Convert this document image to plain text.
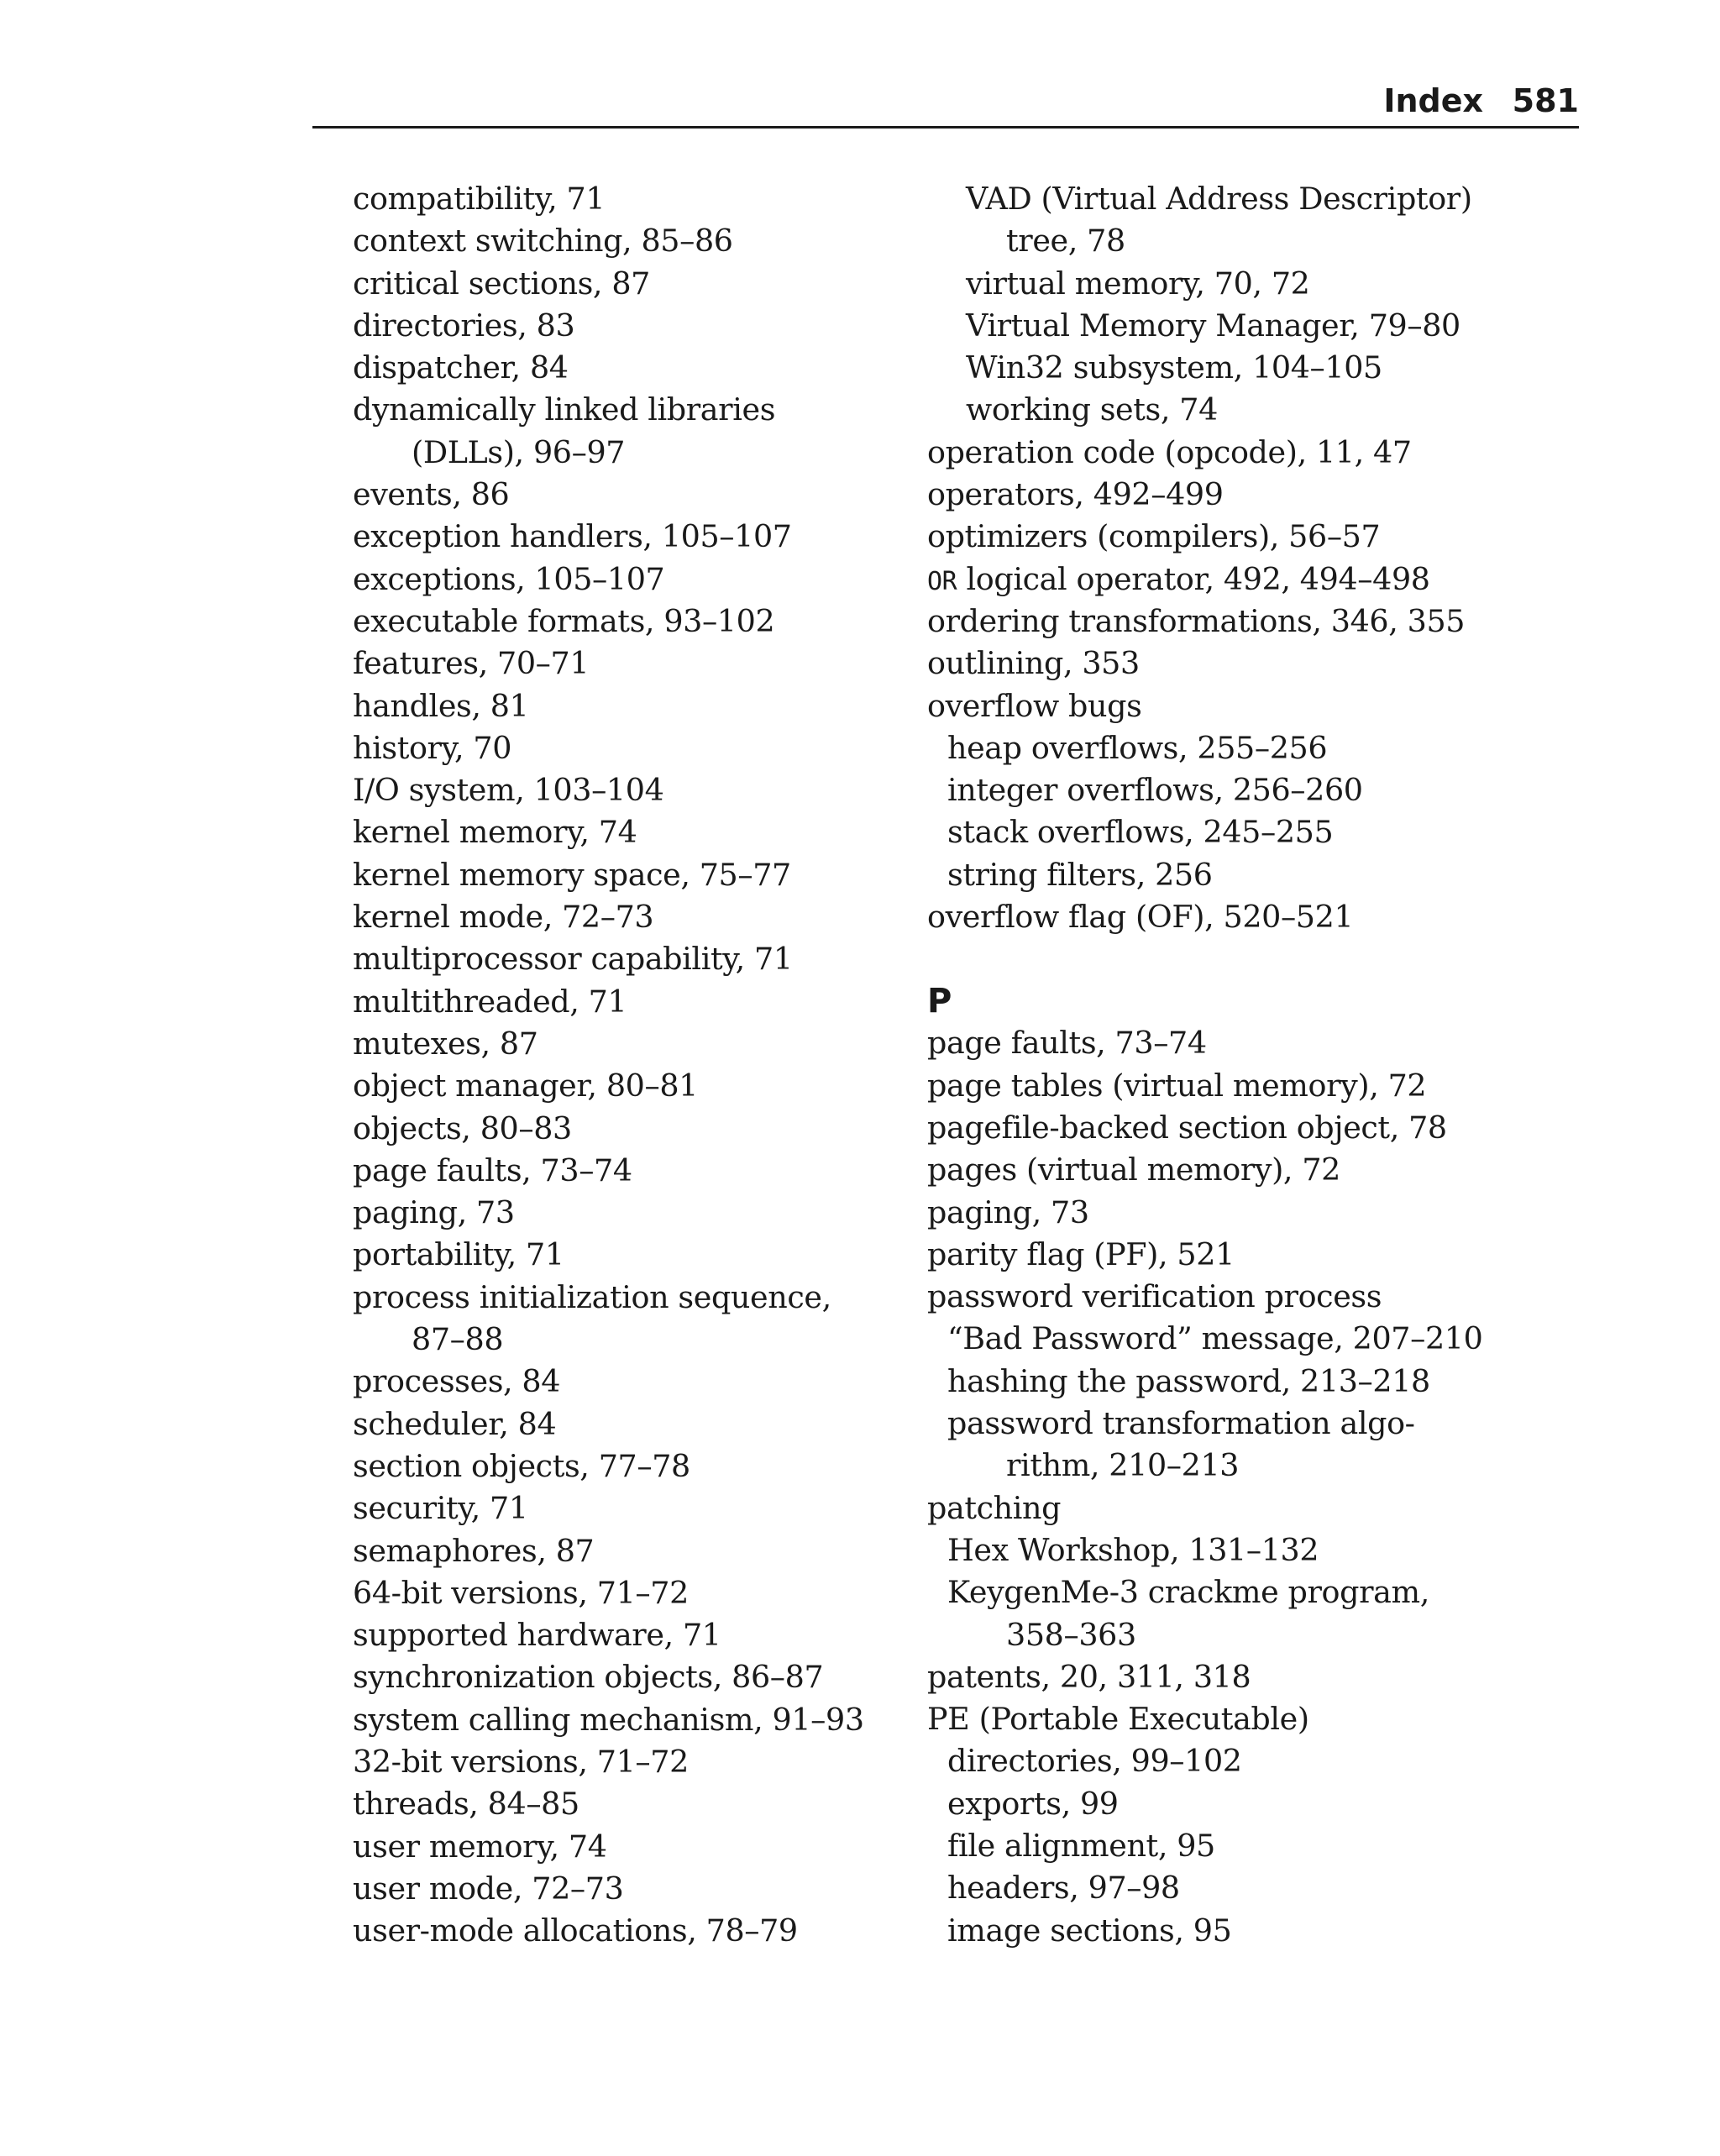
Index 581
compatibility, 71
context switching, 85–86
critical sections, 87
directories, 83
dispatcher, 84
dynamically linked libraries
(DLLs), 96–97
events, 86
exception handlers, 105–107
exceptions, 105–107
executable formats, 93–102
features, 70–71
handles, 81
history, 70
I/O system, 103–104
kernel memory, 74
kernel memory space, 75–77
kernel mode, 72–73
multiprocessor capability, 71
multithreaded, 71
mutexes, 87
object manager, 80–81
objects, 80–83
page faults, 73–74
paging, 73
portability, 71
process initialization sequence,
87–88
processes, 84
scheduler, 84
section objects, 77–78
security, 71
semaphores, 87
64-bit versions, 71–72
supported hardware, 71
synchronization objects, 86–87
system calling mechanism, 91–93
32-bit versions, 71–72
threads, 84–85
user memory, 74
user mode, 72–73
user-mode allocations, 78–79
VAD (Virtual Address Descriptor)
tree, 78
virtual memory, 70, 72
Virtual Memory Manager, 79–80
Win32 subsystem, 104–105
working sets, 74
operation code (opcode), 11, 47
operators, 492–499
optimizers (compilers), 56–57
OR logical operator, 492, 494–498
ordering transformations, 346, 355
outlining, 353
overflow bugs
heap overflows, 255–256
integer overflows, 256–260
stack overflows, 245–255
string filters, 256
overflow flag (OF), 520–521
P
page faults, 73–74
page tables (virtual memory), 72
pagefile-backed section object, 78
pages (virtual memory), 72
paging, 73
parity flag (PF), 521
password verification process
“Bad Password” message, 207–210
hashing the password, 213–218
password transformation algo-
rithm, 210–213
patching
Hex Workshop, 131–132
KeygenMe-3 crackme program,
358–363
patents, 20, 311, 318
PE (Portable Executable)
directories, 99–102
exports, 99
file alignment, 95
headers, 97–98
image sections, 95
